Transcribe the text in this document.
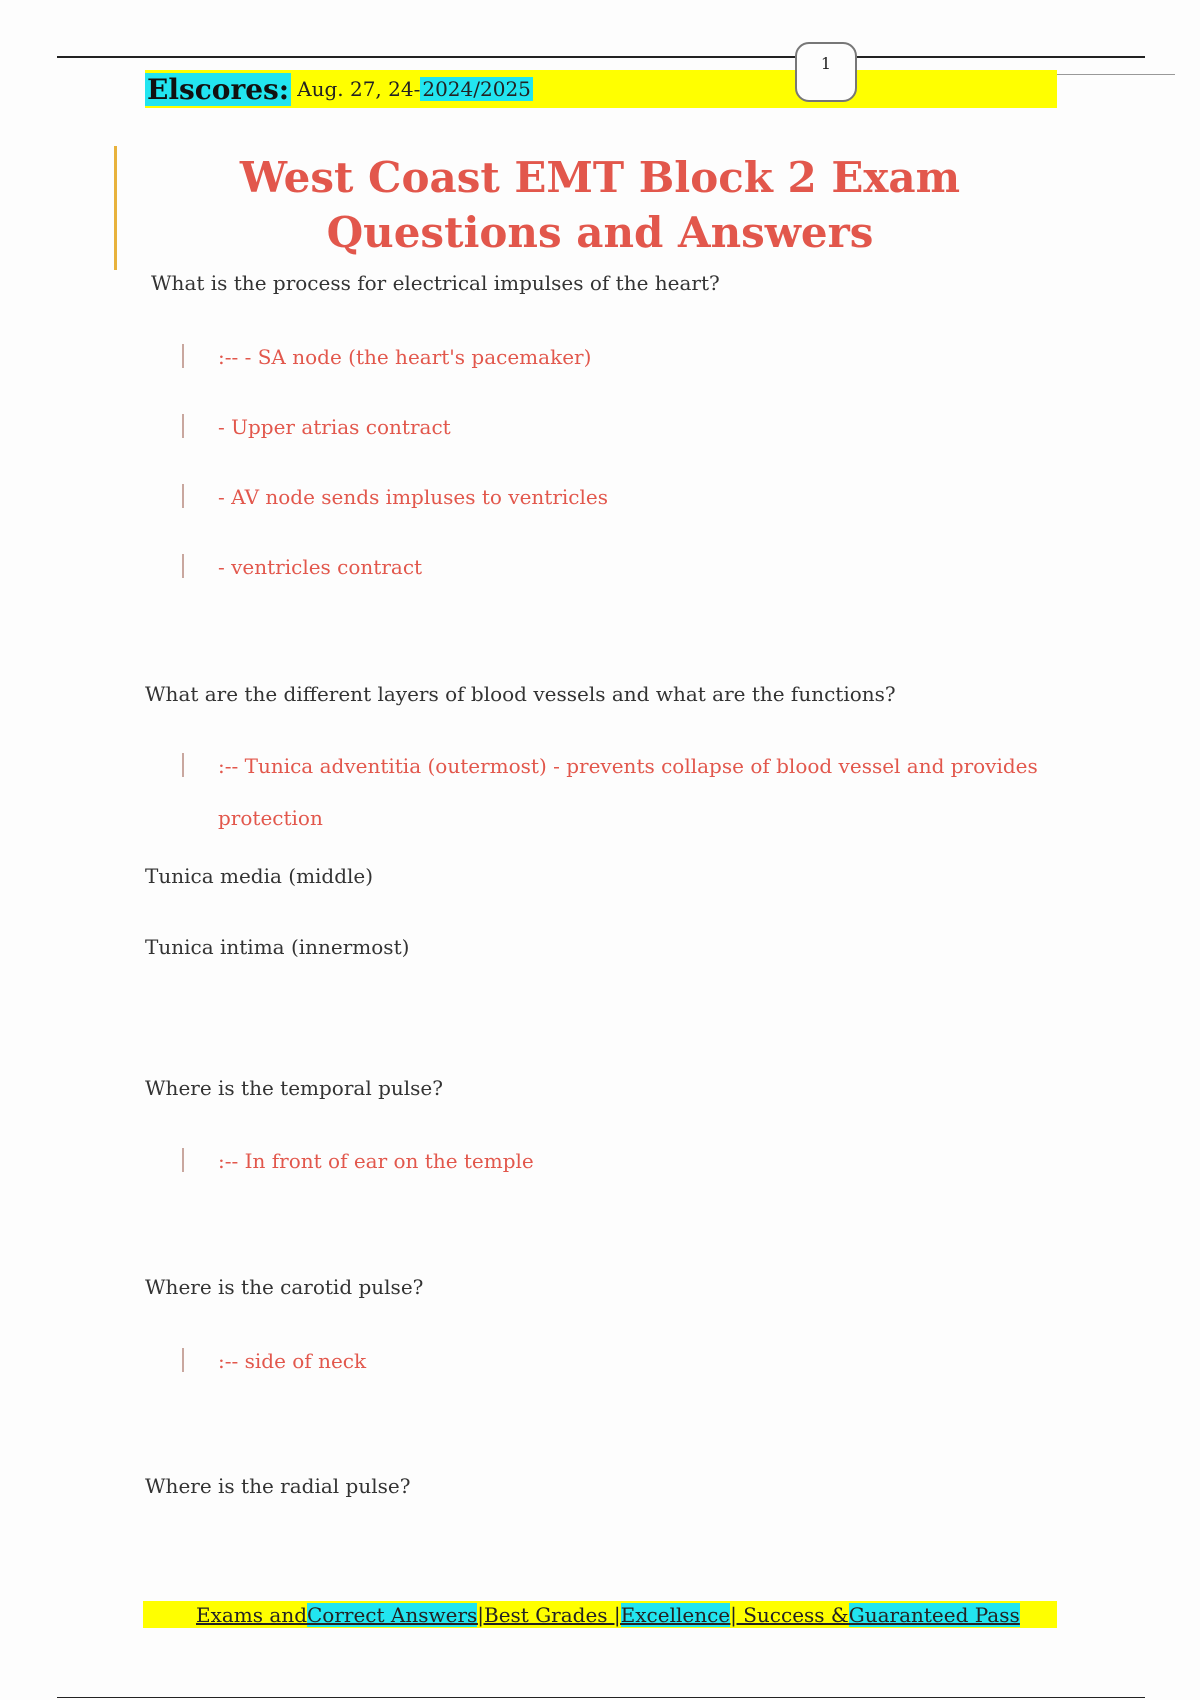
Elscores: Aug. 27, 24- 2024/2025
1
West Coast EMT Block 2 Exam
Questions and Answers
What is the process for electrical impulses of the heart?
:-- - SA node (the heart's pacemaker)
- Upper atrias contract
- AV node sends impluses to ventricles
- ventricles contract
What are the different layers of blood vessels and what are the functions?
:-- Tunica adventitia (outermost) - prevents collapse of blood vessel and provides
protection
Tunica media (middle)
Tunica intima (innermost)
Where is the temporal pulse?
:-- In front of ear on the temple
Where is the carotid pulse?
:-- side of neck
Where is the radial pulse?
Exams and Correct Answers |Best Grades | Excellence | Success & Guaranteed Pass
